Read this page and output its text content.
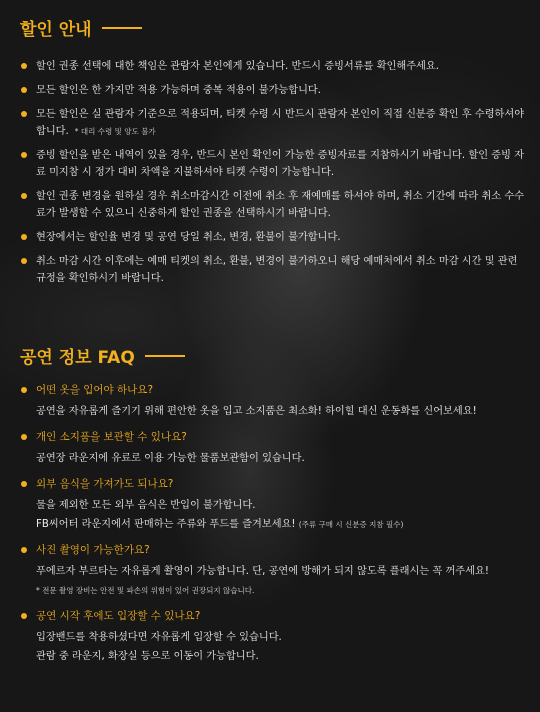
할인 안내
할인 권종 선택에 대한 책임은 관람자 본인에게 있습니다. 반드시 증빙서류를 확인해주세요.
모든 할인은 한 가지만 적용 가능하며 중복 적용이 불가능합니다.
모든 할인은 실 관람자 기준으로 적용되며, 티켓 수령 시 반드시 관람자 본인이 직접 신분증 확인 후 수령하셔야 합니다. * 대리 수령 및 양도 불가
증빙 할인을 받은 내역이 있을 경우, 반드시 본인 확인이 가능한 증빙자료를 지참하시기 바랍니다. 할인 증빙 자료 미지참 시 정가 대비 차액을 지불하셔야 티켓 수령이 가능합니다.
할인 권종 변경을 원하실 경우 취소마감시간 이전에 취소 후 재예매를 하셔야 하며, 취소 기간에 따라 취소 수수료가 발생할 수 있으니 신중하게 할인 권종을 선택하시기 바랍니다.
현장에서는 할인율 변경 및 공연 당일 취소, 변경, 환불이 불가합니다.
취소 마감 시간 이후에는 예매 티켓의 취소, 환불, 변경이 불가하오니 해당 예매처에서 취소 마감 시간 및 관련 규정을 확인하시기 바랍니다.
공연 정보 FAQ
어떤 옷을 입어야 하나요?
공연을 자유롭게 즐기기 위해 편안한 옷을 입고 소지품은 최소화! 하이힐 대신 운동화를 신어보세요!
개인 소지품을 보관할 수 있나요?
공연장 라운지에 유료로 이용 가능한 물품보관함이 있습니다.
외부 음식을 가져가도 되나요?
물을 제외한 모든 외부 음식은 반입이 불가합니다.
FB씨어터 라운지에서 판매하는 주류와 푸드를 즐겨보세요! (주류 구매 시 신분증 지참 필수)
사진 촬영이 가능한가요?
푸에르자 부르타는 자유롭게 촬영이 가능합니다. 단, 공연에 방해가 되지 않도록 플래시는 꼭 꺼주세요!
* 전문 촬영 장비는 안전 및 파손의 위험이 있어 권장되지 않습니다.
공연 시작 후에도 입장할 수 있나요?
입장밴드를 착용하셨다면 자유롭게 입장할 수 있습니다.
관람 중 라운지, 화장실 등으로 이동이 가능합니다.
